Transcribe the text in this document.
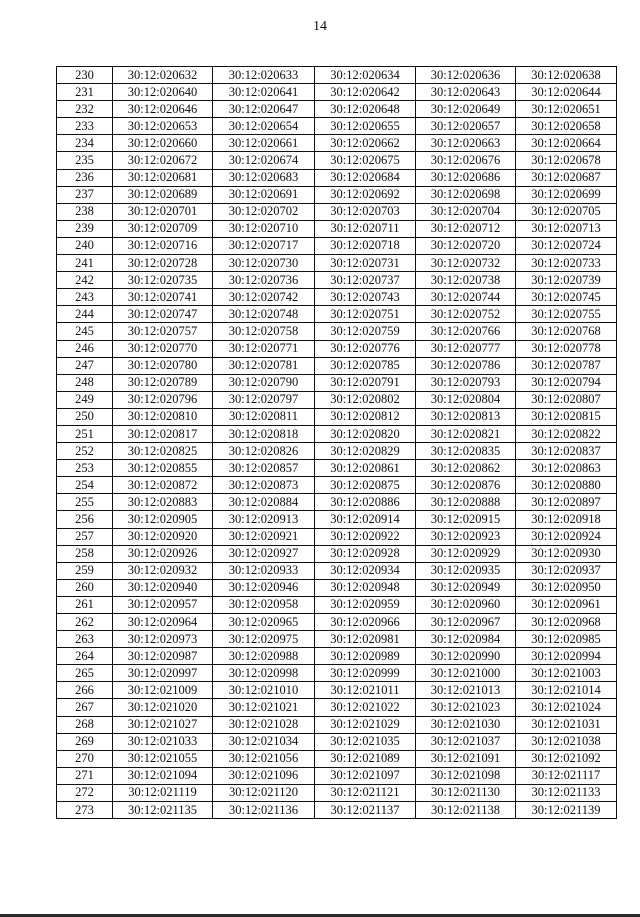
14
230	30:12:020632	30:12:020633	30:12:020634	30:12:020636	30:12:020638
231	30:12:020640	30:12:020641	30:12:020642	30:12:020643	30:12:020644
232	30:12:020646	30:12:020647	30:12:020648	30:12:020649	30:12:020651
233	30:12:020653	30:12:020654	30:12:020655	30:12:020657	30:12:020658
234	30:12:020660	30:12:020661	30:12:020662	30:12:020663	30:12:020664
235	30:12:020672	30:12:020674	30:12:020675	30:12:020676	30:12:020678
236	30:12:020681	30:12:020683	30:12:020684	30:12:020686	30:12:020687
237	30:12:020689	30:12:020691	30:12:020692	30:12:020698	30:12:020699
238	30:12:020701	30:12:020702	30:12:020703	30:12:020704	30:12:020705
239	30:12:020709	30:12:020710	30:12:020711	30:12:020712	30:12:020713
240	30:12:020716	30:12:020717	30:12:020718	30:12:020720	30:12:020724
241	30:12:020728	30:12:020730	30:12:020731	30:12:020732	30:12:020733
242	30:12:020735	30:12:020736	30:12:020737	30:12:020738	30:12:020739
243	30:12:020741	30:12:020742	30:12:020743	30:12:020744	30:12:020745
244	30:12:020747	30:12:020748	30:12:020751	30:12:020752	30:12:020755
245	30:12:020757	30:12:020758	30:12:020759	30:12:020766	30:12:020768
246	30:12:020770	30:12:020771	30:12:020776	30:12:020777	30:12:020778
247	30:12:020780	30:12:020781	30:12:020785	30:12:020786	30:12:020787
248	30:12:020789	30:12:020790	30:12:020791	30:12:020793	30:12:020794
249	30:12:020796	30:12:020797	30:12:020802	30:12:020804	30:12:020807
250	30:12:020810	30:12:020811	30:12:020812	30:12:020813	30:12:020815
251	30:12:020817	30:12:020818	30:12:020820	30:12:020821	30:12:020822
252	30:12:020825	30:12:020826	30:12:020829	30:12:020835	30:12:020837
253	30:12:020855	30:12:020857	30:12:020861	30:12:020862	30:12:020863
254	30:12:020872	30:12:020873	30:12:020875	30:12:020876	30:12:020880
255	30:12:020883	30:12:020884	30:12:020886	30:12:020888	30:12:020897
256	30:12:020905	30:12:020913	30:12:020914	30:12:020915	30:12:020918
257	30:12:020920	30:12:020921	30:12:020922	30:12:020923	30:12:020924
258	30:12:020926	30:12:020927	30:12:020928	30:12:020929	30:12:020930
259	30:12:020932	30:12:020933	30:12:020934	30:12:020935	30:12:020937
260	30:12:020940	30:12:020946	30:12:020948	30:12:020949	30:12:020950
261	30:12:020957	30:12:020958	30:12:020959	30:12:020960	30:12:020961
262	30:12:020964	30:12:020965	30:12:020966	30:12:020967	30:12:020968
263	30:12:020973	30:12:020975	30:12:020981	30:12:020984	30:12:020985
264	30:12:020987	30:12:020988	30:12:020989	30:12:020990	30:12:020994
265	30:12:020997	30:12:020998	30:12:020999	30:12:021000	30:12:021003
266	30:12:021009	30:12:021010	30:12:021011	30:12:021013	30:12:021014
267	30:12:021020	30:12:021021	30:12:021022	30:12:021023	30:12:021024
268	30:12:021027	30:12:021028	30:12:021029	30:12:021030	30:12:021031
269	30:12:021033	30:12:021034	30:12:021035	30:12:021037	30:12:021038
270	30:12:021055	30:12:021056	30:12:021089	30:12:021091	30:12:021092
271	30:12:021094	30:12:021096	30:12:021097	30:12:021098	30:12:021117
272	30:12:021119	30:12:021120	30:12:021121	30:12:021130	30:12:021133
273	30:12:021135	30:12:021136	30:12:021137	30:12:021138	30:12:021139
